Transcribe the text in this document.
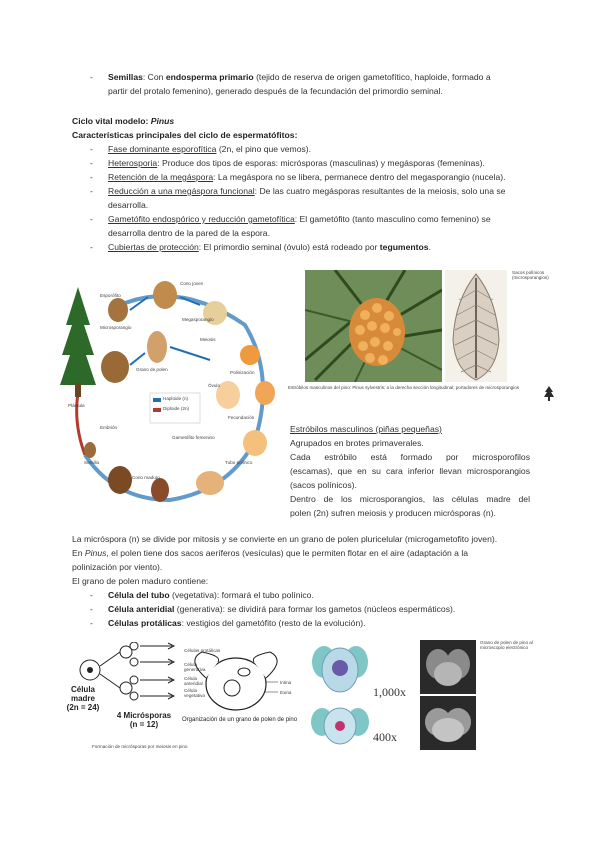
- Semillas: Con endosperma primario (tejido de reserva de origen gametofítico, haploide, formado a
partir del protalo femenino), generado después de la fecundación del primordio seminal.
Ciclo vital modelo: Pinus
Características principales del ciclo de espermatófitos:
- Fase dominante esporofítica (2n, el pino que vemos).
- Heterosporia: Produce dos tipos de esporas: micrósporas (masculinas) y megásporas (femeninas).
- Retención de la megáspora: La megáspora no se libera, permanece dentro del megasporangio (nucela).
- Reducción a una megáspora funcional: De las cuatro megásporas resultantes de la meiosis, solo una se
desarrolla.
- Gametófito endospórico y reducción gametofítica: El gametófito (tanto masculino como femenino) se
desarrolla dentro de la pared de la espora.
- Cubiertas de protección: El primordio seminal (óvulo) está rodeado por tegumentos.
Haploide (n)
Diploide (2n)
Esporófito
Cono joven
Megasporangio
Microsporangio
Meiosis
Grano de polen
Polinización
Fecundación
Embrión
Semilla
Plántula
Cono maduro
Tubo polínico
Gametófito femenino
Óvulo
Sacos polínicos (microsporangios)
Estróbilos masculinos del pino: Pinus sylvestris; a la derecha sección longitudinal; portadores de microsporangios
Estróbilos masculinos (piñas pequeñas)
Agrupados en brotes primaverales.
Cada estróbilo está formado por microsporofilos
(escamas), que en su cara inferior llevan microsporangios
(sacos polínicos).
Dentro de los microsporangios, las células madre del
polen (2n) sufren meiosis y producen micrósporas (n).
La micróspora (n) se divide por mitosis y se convierte en un grano de polen pluricelular (microgametofito joven).
En Pinus, el polen tiene dos sacos aeríferos (vesículas) que le permiten flotar en el aire (adaptación a la
polinización por viento).
El grano de polen maduro contiene:
- Célula del tubo (vegetativa): formará el tubo polínico.
- Célula anteridial (generativa): se dividirá para formar los gametos (núcleos espermáticos).
- Células protálicas: vestigios del gametófito (resto de la evolución).
Célula madre (2n = 24)
4 Micrósporas (n = 12)
Células protálicas
Célula generativa
Célula anteridial
Célula vegetativa
Intina
Exina
Organización de un grano de polen de pino
1,000x
400x
Grano de polen de pino al microscopio electrónico
Formación de micrósporas por meiosis en pino
